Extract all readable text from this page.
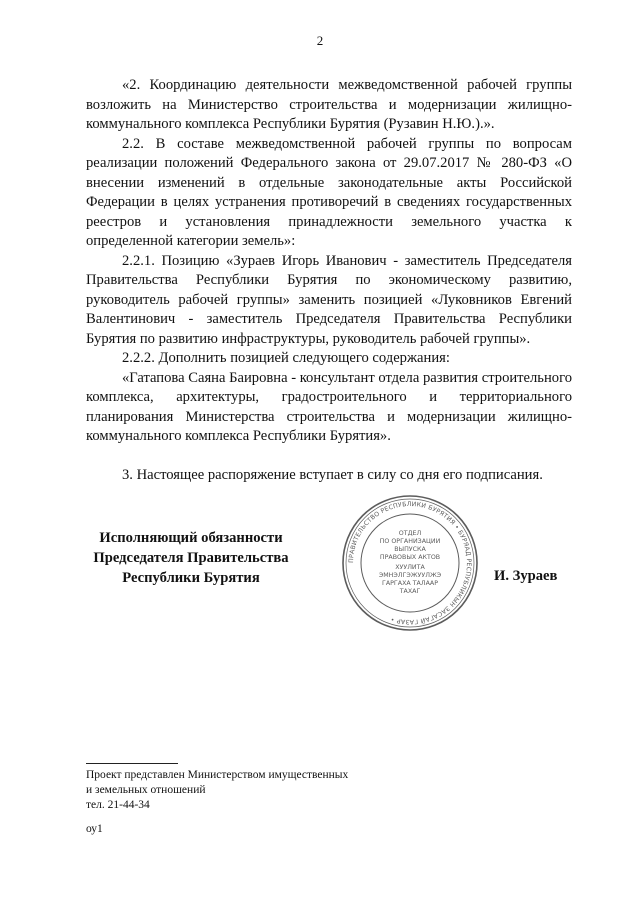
2

«2. Координацию деятельности межведомственной рабочей группы возложить на Министерство строительства и модернизации жилищно-коммунального комплекса Республики Бурятия (Рузавин Н.Ю.).».

2.2. В составе межведомственной рабочей группы по вопросам реализации положений Федерального закона от 29.07.2017 № 280-ФЗ «О внесении изменений в отдельные законодательные акты Российской Федерации в целях устранения противоречий в сведениях государственных реестров и установления принадлежности земельного участка к определенной категории земель»:

2.2.1. Позицию «Зураев Игорь Иванович - заместитель Председателя Правительства Республики Бурятия по экономическому развитию, руководитель рабочей группы» заменить позицией «Луковников Евгений Валентинович - заместитель Председателя Правительства Республики Бурятия по развитию инфраструктуры, руководитель рабочей группы».

2.2.2. Дополнить позицией следующего содержания:

«Гатапова Саяна Баировна - консультант отдела развития строительного комплекса, архитектуры, градостроительного и территориального планирования Министерства строительства и модернизации жилищно-коммунального комплекса Республики Бурятия».

3. Настоящее распоряжение вступает в силу со дня его подписания.

Исполняющий обязанности
Председателя Правительства
Республики Бурятия
ПРАВИТЕЛЬСТВО РЕСПУБЛИКИ БУРЯТИЯ • БУРЯАД РЕСПУБЛИКЫН ЗАСАГАЙ ГАЗАР •
ОТДЕЛ
ПО ОРГАНИЗАЦИИ
ВЫПУСКА
ПРАВОВЫХ АКТОВ
ХУУЛИТА
ЭМНЭЛГЭЖУУЛЖЭ
ГАРГАХА ТАЛААР
ТАХАГ
И. Зураев
Проект представлен Министерством имущественных
и земельных отношений
тел. 21-44-34
оу1
